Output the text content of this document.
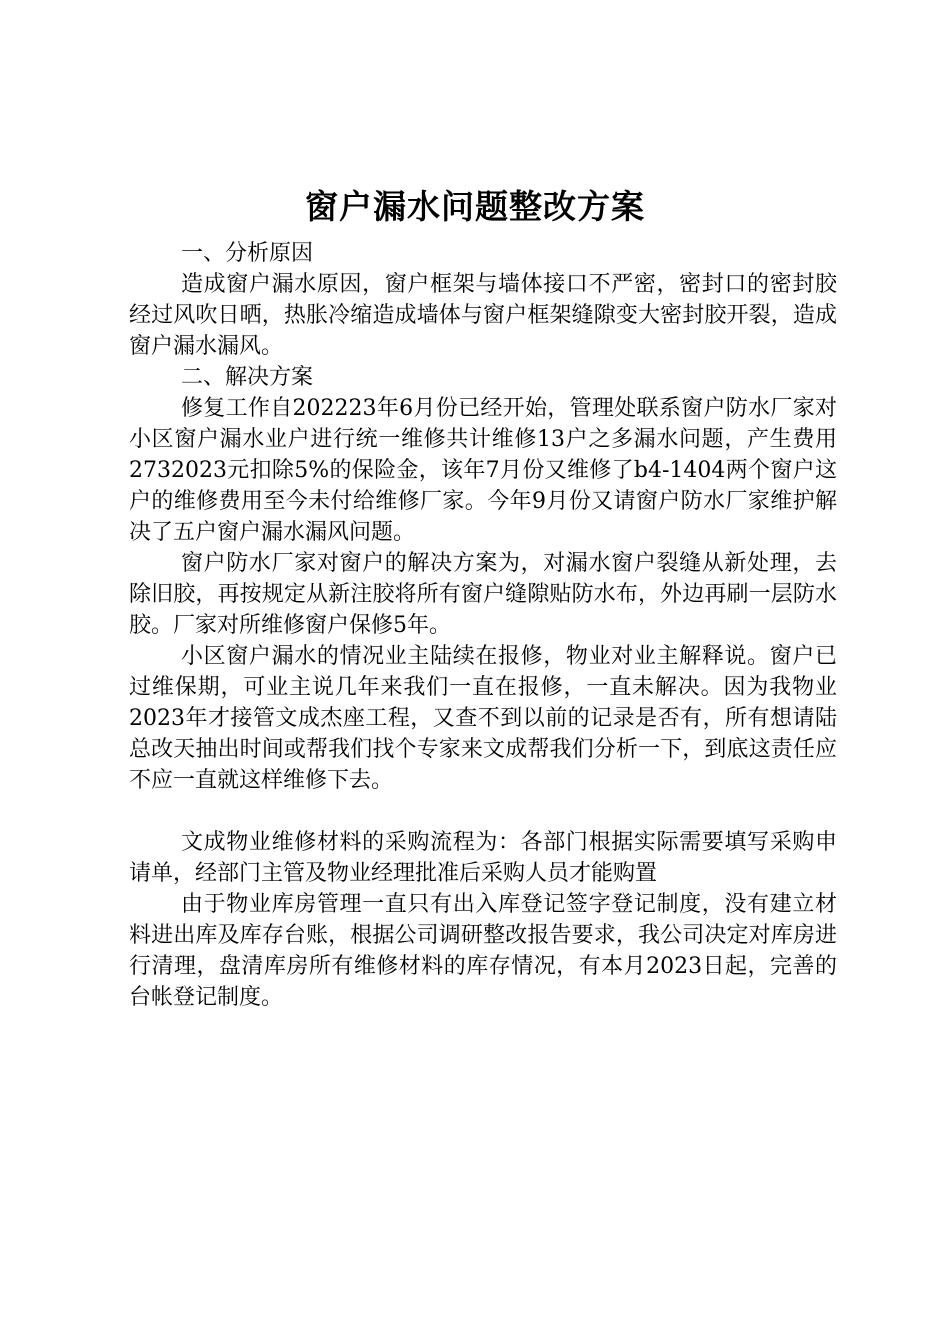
窗户漏水问题整改方案

一、分析原因

造成窗户漏水原因，窗户框架与墙体接口不严密，密封口的密封胶经过风吹日晒，热胀冷缩造成墙体与窗户框架缝隙变大密封胶开裂，造成窗户漏水漏风。

二、解决方案

修复工作自202223年6月份已经开始，管理处联系窗户防水厂家对小区窗户漏水业户进行统一维修共计维修13户之多漏水问题，产生费用2732023元扣除5%的保险金，该年7月份又维修了b4-1404两个窗户这户的维修费用至今未付给维修厂家。今年9月份又请窗户防水厂家维护解决了五户窗户漏水漏风问题。

窗户防水厂家对窗户的解决方案为，对漏水窗户裂缝从新处理，去除旧胶，再按规定从新注胶将所有窗户缝隙贴防水布，外边再刷一层防水胶。厂家对所维修窗户保修5年。

小区窗户漏水的情况业主陆续在报修，物业对业主解释说。窗户已过维保期，可业主说几年来我们一直在报修，一直未解决。因为我物业2023年才接管文成杰座工程，又查不到以前的记录是否有，所有想请陆总改天抽出时间或帮我们找个专家来文成帮我们分析一下，到底这责任应不应一直就这样维修下去。

文成物业维修材料的采购流程为：各部门根据实际需要填写采购申请单，经部门主管及物业经理批准后采购人员才能购置

由于物业库房管理一直只有出入库登记签字登记制度，没有建立材料进出库及库存台账，根据公司调研整改报告要求，我公司决定对库房进行清理，盘清库房所有维修材料的库存情况，有本月2023日起，完善的台帐登记制度。
